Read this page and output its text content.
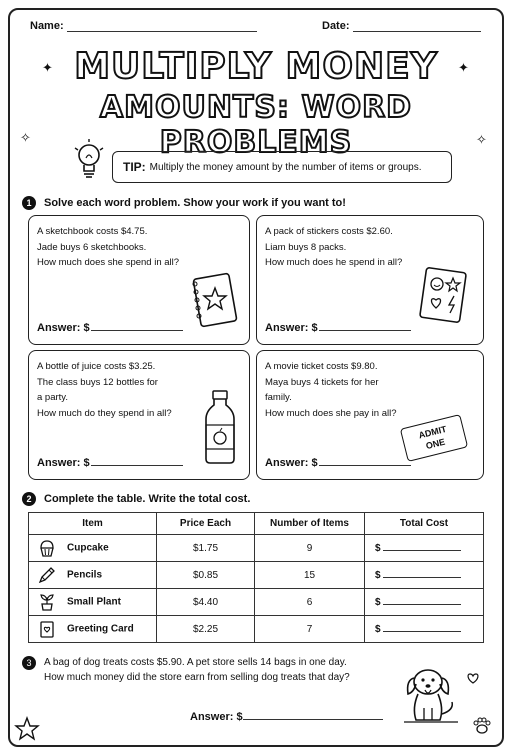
Name:	Date:
MULTIPLY MONEY
AMOUNTS: WORD PROBLEMS
✦	✦
✧	✧
TIP: Multiply the money amount by the number of items or groups.
1	Solve each word problem. Show your work if you want to!
A sketchbook costs $4.75.
Jade buys 6 sketchbooks.
How much does she spend in all?
Answer: $
A pack of stickers costs $2.60.
Liam buys 8 packs.
How much does he spend in all?
Answer: $
A bottle of juice costs $3.25.
The class buys 12 bottles for
a party.
How much do they spend in all?
Answer: $
A movie ticket costs $9.80.
Maya buys 4 tickets for her
family.
How much does she pay in all?
ADMIT
ONE
Answer: $
2	Complete the table. Write the total cost.
Item	Price Each	Number of Items	Total Cost
Cupcake	$1.75	9	$
Pencils	$0.85	15	$
Small Plant	$4.40	6	$
Greeting Card	$2.25	7	$
3	A bag of dog treats costs $5.90. A pet store sells 14 bags in one day.
How much money did the store earn from selling dog treats that day?
Answer: $
